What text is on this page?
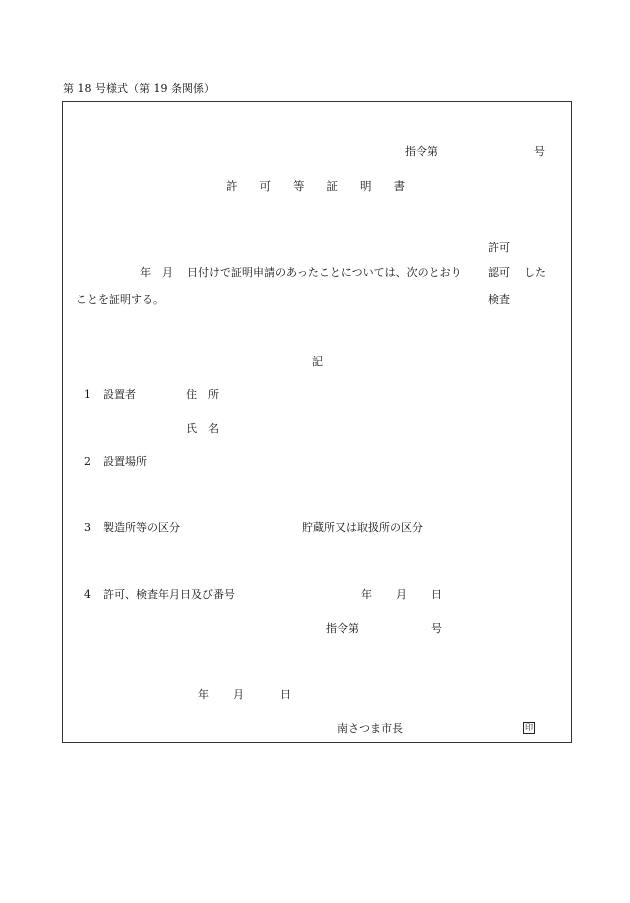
第 18 号様式（第 19 条関係）
指令第	号
許 可 等 証 明 書
許可
認可
検査
した
年 月 日付けで証明申請のあったことについては、次のとおり
ことを証明する。
記
1 設置者	住　所
氏　名
2 設置場所
3 製造所等の区分	貯蔵所又は取扱所の区分
4 許可、検査年月日及び番号	年 月 日
指令第	号
年 月	日
南さつま市長	印
